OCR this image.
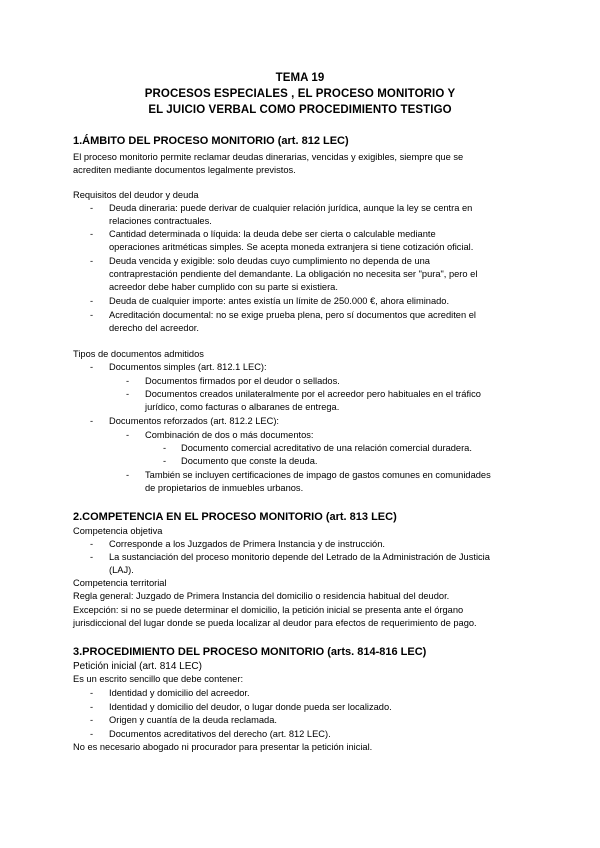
TEMA 19
PROCESOS ESPECIALES , EL PROCESO MONITORIO Y
EL JUICIO VERBAL COMO PROCEDIMIENTO TESTIGO
1.ÁMBITO DEL PROCESO MONITORIO (art. 812 LEC)
El proceso monitorio permite reclamar deudas dinerarias, vencidas y exigibles, siempre que se
acrediten mediante documentos legalmente previstos.
Requisitos del deudor y deuda
- Deuda dineraria: puede derivar de cualquier relación jurídica, aunque la ley se centra en
relaciones contractuales.
- Cantidad determinada o líquida: la deuda debe ser cierta o calculable mediante
operaciones aritméticas simples. Se acepta moneda extranjera si tiene cotización oficial.
- Deuda vencida y exigible: solo deudas cuyo cumplimiento no dependa de una
contraprestación pendiente del demandante. La obligación no necesita ser "pura", pero el
acreedor debe haber cumplido con su parte si existiera.
- Deuda de cualquier importe: antes existía un límite de 250.000 €, ahora eliminado.
- Acreditación documental: no se exige prueba plena, pero sí documentos que acrediten el
derecho del acreedor.
Tipos de documentos admitidos
- Documentos simples (art. 812.1 LEC):
- Documentos firmados por el deudor o sellados.
- Documentos creados unilateralmente por el acreedor pero habituales en el tráfico
jurídico, como facturas o albaranes de entrega.
- Documentos reforzados (art. 812.2 LEC):
- Combinación de dos o más documentos:
- Documento comercial acreditativo de una relación comercial duradera.
- Documento que conste la deuda.
- También se incluyen certificaciones de impago de gastos comunes en comunidades
de propietarios de inmuebles urbanos.
2.COMPETENCIA EN EL PROCESO MONITORIO (art. 813 LEC)
Competencia objetiva
- Corresponde a los Juzgados de Primera Instancia y de instrucción.
- La sustanciación del proceso monitorio depende del Letrado de la Administración de Justicia
(LAJ).
Competencia territorial
Regla general: Juzgado de Primera Instancia del domicilio o residencia habitual del deudor.
Excepción: si no se puede determinar el domicilio, la petición inicial se presenta ante el órgano
jurisdiccional del lugar donde se pueda localizar al deudor para efectos de requerimiento de pago.
3.PROCEDIMIENTO DEL PROCESO MONITORIO (arts. 814-816 LEC)
Petición inicial (art. 814 LEC)
Es un escrito sencillo que debe contener:
- Identidad y domicilio del acreedor.
- Identidad y domicilio del deudor, o lugar donde pueda ser localizado.
- Origen y cuantía de la deuda reclamada.
- Documentos acreditativos del derecho (art. 812 LEC).
No es necesario abogado ni procurador para presentar la petición inicial.
